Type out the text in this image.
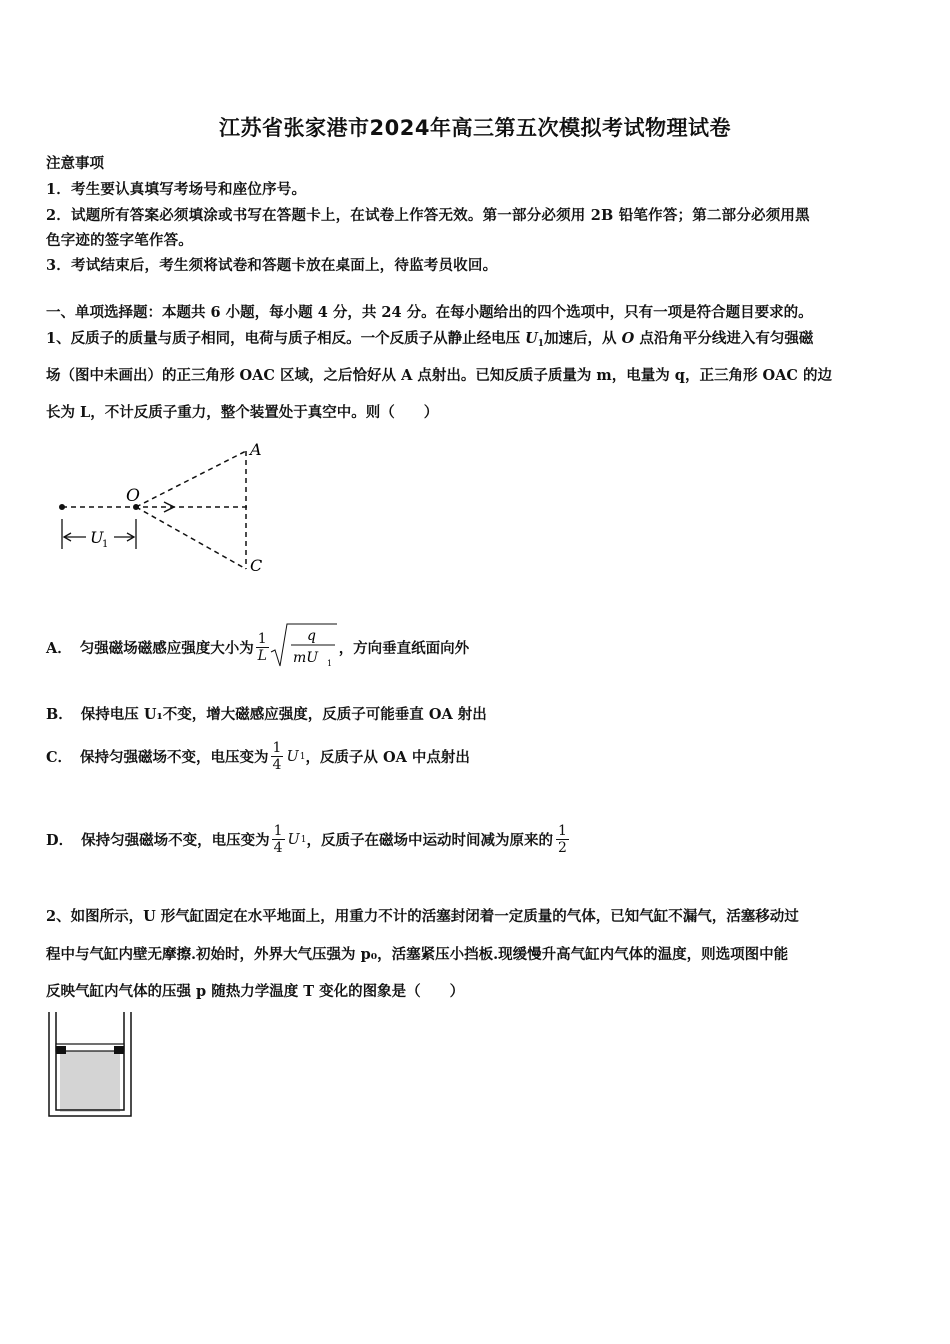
江苏省张家港市2024年高三第五次模拟考试物理试卷
注意事项
1．考生要认真填写考场号和座位序号。
2．试题所有答案必须填涂或书写在答题卡上，在试卷上作答无效。第一部分必须用 2B 铅笔作答；第二部分必须用黑
色字迹的签字笔作答。
3．考试结束后，考生须将试卷和答题卡放在桌面上，待监考员收回。
一、单项选择题：本题共 6 小题，每小题 4 分，共 24 分。在每小题给出的四个选项中，只有一项是符合题目要求的。
1、反质子的质量与质子相同，电荷与质子相反。一个反质子从静止经电压 $U_1$加速后，从 O 点沿角平分线进入有匀强磁
场（图中未画出）的正三角形 OAC 区域，之后恰好从 A 点射出。已知反质子质量为 m，电量为 q，正三角形 OAC 的边
长为 L，不计反质子重力，整个装置处于真空中。则（　　）
O
A
C
U
1
A． 匀强磁场磁感应强度大小为 $\frac{1}{L}$	q
mU 1
，方向垂直纸面向外
B． 保持电压 U₁不变，增大磁感应强度，反质子可能垂直 OA 射出
C． 保持匀强磁场不变，电压变为 $\frac{1}{4}$ U 1 ，反质子从 OA 中点射出
D． 保持匀强磁场不变，电压变为 $\frac{1}{4}$ U 1 ，反质子在磁场中运动时间减为原来的 $\frac{1}{2}$
2、如图所示，U 形气缸固定在水平地面上，用重力不计的活塞封闭着一定质量的气体，已知气缸不漏气，活塞移动过
程中与气缸内壁无摩擦.初始时，外界大气压强为 p₀，活塞紧压小挡板.现缓慢升高气缸内气体的温度，则选项图中能
反映气缸内气体的压强 p 随热力学温度 T 变化的图象是（　　）
